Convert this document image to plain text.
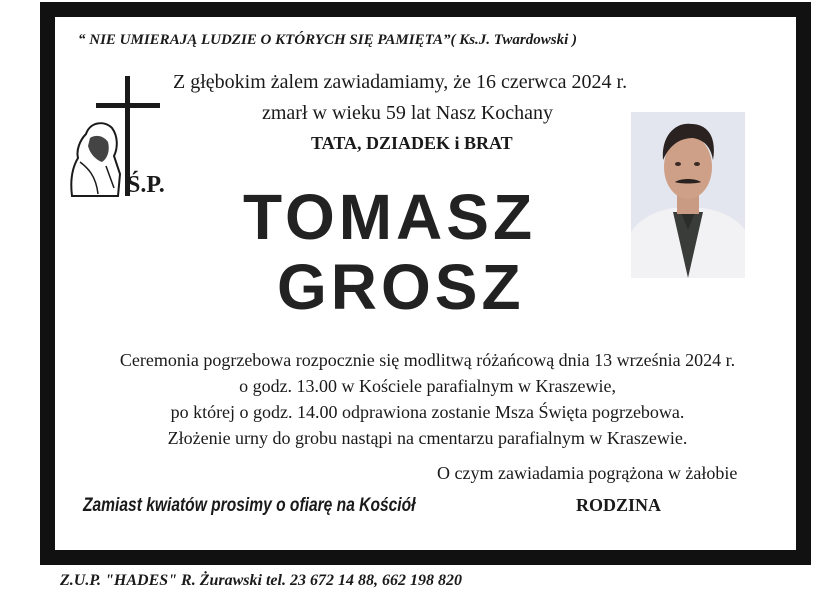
“ NIE UMIERAJĄ LUDZIE O KTÓRYCH SIĘ PAMIĘTA”( Ks.J. Twardowski )
Z głębokim żalem zawiadamiamy, że 16 czerwca 2024 r.
zmarł w wieku 59 lat Nasz Kochany
TATA, DZIADEK i BRAT
Ś.P. TOMASZ
GROSZ
Ceremonia pogrzebowa rozpocznie się modlitwą różańcową dnia 13 września 2024 r.
o godz. 13.00 w Kościele parafialnym w Kraszewie,
po której o godz. 14.00 odprawiona zostanie Msza Święta pogrzebowa.
Złożenie urny do grobu nastąpi na cmentarzu parafialnym w Kraszewie.
O czym zawiadamia pogrążona w żałobie
Zamiast kwiatów prosimy o ofiarę na Kościół	RODZINA
Z.U.P. "HADES" R. Żurawski tel. 23 672 14 88, 662 198 820
